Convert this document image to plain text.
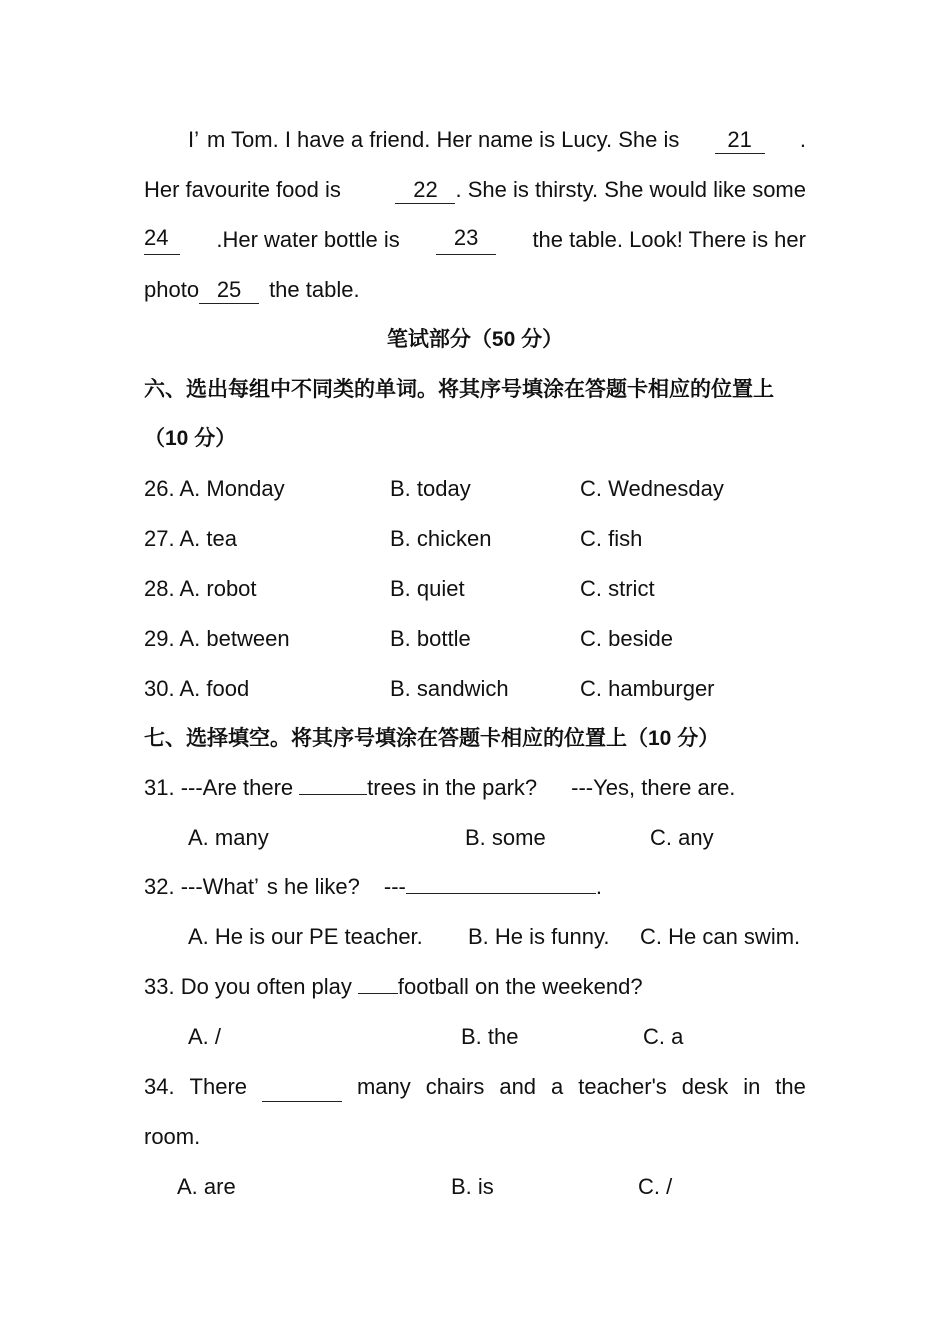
I’ m Tom. I have a friend. Her name is Lucy. She is	21	.
Her favourite food is	22 . She is thirsty. She would like some
24	.Her water bottle is	23	the table. Look! There is her
photo 25 the table.
笔试部分（50 分）
六、选出每组中不同类的单词。将其序号填涂在答题卡相应的位置上
（10 分）
26. A. Monday	B. today	C. Wednesday
27. A. tea	B. chicken	C. fish
28. A. robot	B. quiet	C. strict
29. A. between	B. bottle	C. beside
30. A. food	B. sandwich	C. hamburger
七、选择填空。将其序号填涂在答题卡相应的位置上（10 分）
31. ---Are there	trees in the park? ---Yes, there are.
A. many	B. some	C. any
32. ---What’ s he like? ---	.
A. He is our PE teacher. B. He is funny. C. He can swim.
33. Do you often play football on the weekend?
A. /	B. the	C. a
34. There	many chairs and a teacher's desk in the
room.
A. are	B. is	C. /
